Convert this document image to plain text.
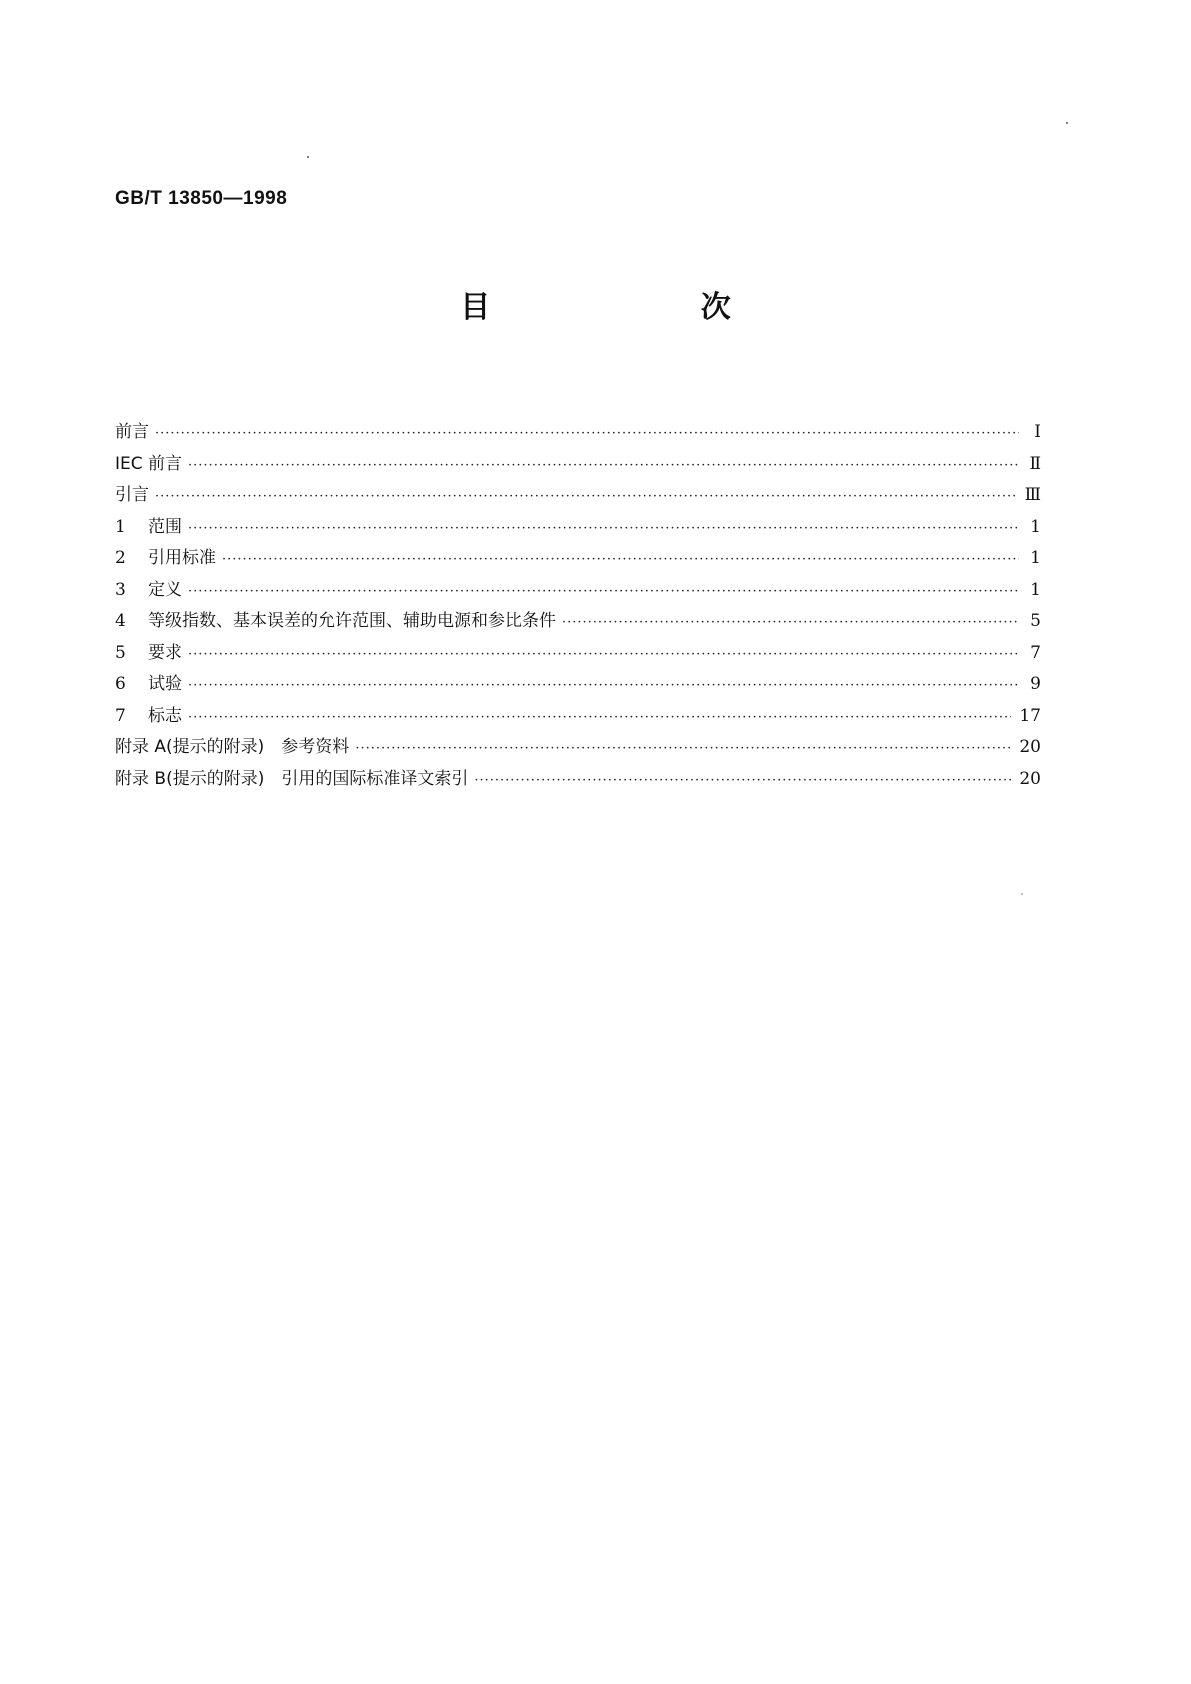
GB/T 13850—1998
目 次
前言 ·····	I
IEC 前言 ·····	Ⅱ
引言 ·····	Ⅲ
1	范围 ·····	1
2	引用标准 ·····	1
3	定义 ·····	1
4	等级指数、基本误差的允许范围、辅助电源和参比条件 ·····	5
5	要求 ·····	7
6	试验 ·····	9
7	标志 ·····	17
附录 A(提示的附录)　参考资料 ·····	20
附录 B(提示的附录)　引用的国际标准译文索引 ·····	20
